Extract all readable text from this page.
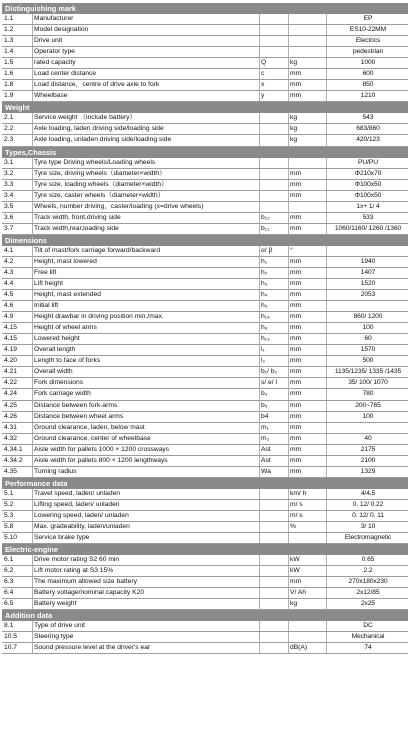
Distinguishing mark
1.1	Manufacturer	EP
1.2	Model designation	ES10-22MM
1.3	Drive unit	Electrics
1.4	Operator type	pedestrian
1.5	rated capacity	Q	kg	1000
1.6	Load center distance	c	mm	600
1.8	Load distance，centre of drive axle to fork	x	mm	850
1.9	Wheelbase	y	mm	1210
Weight
2.1	Service weight （include battery）	kg	543
2.2	Axle loading, laden driving side/loading side	kg	683/860
2.3	Axle loading, unladen driving side/loading side	kg	420/123
Types,Chassis
3.1	Tyre type Driving wheels/Loading wheels	PU/PU
3.2	Tyre size, driving wheels（diameter×width）	mm	Φ210x70
3.3	Tyre size, loading wheels（diameter×width）	mm	Φ100x50
3.4	Tyre size, caster wheels（diameter×width）	mm	Φ100x50
3.5	Wheels, number driving，caster/loading (x=drive wheels)	1x+ 1/ 4
3.6	Track width, front,driving side	b₁₀	mm	533
3.7	Track width,rear,loading side	b₁₁	mm	1060/1160/ 1260 /1360
Dimensions
4.1	Tilt of mast/fork carriage forward/backward	α/ β	°
4.2	Height, mast lowered	h₁	mm	1940
4.3	Free lift	h₂	mm	1407
4.4	Lift height	h₃	mm	1520
4.5	Height, mast extended	h₄	mm	2053
4.6	Initial lift	h₅	mm
4.9	Height drawbar in driving position min./max.	h₁₄	mm	860/ 1200
4.15	Height of wheel arms	h₈	mm	100
4.15	Lowered height	h₁₃	mm	60
4.19	Overall length	l₁	mm	1570
4.20	Length to face of forks	l₂	mm	500
4.21	Overall width	b₁/ b₂	mm	1135/1235/ 1335 /1435
4.22	Fork dimensions	s/ e/ l	mm	35/ 100/ 1070
4.24	Fork carriage width	b₃	mm	780
4.25	Distance between fork-arms	b₅	mm	200~765
4.26	Distance between wheel arms	b4	mm	100
4.31	Ground clearance, laden, below mast	m₁	mm
4.32	Ground clearance, center of wheelbase	m₂	mm	40
4.34.1	Aisle width for pallets 1000 × 1200 crossways	Ast	mm	2175
4.34.2	Aisle width for pallets 800 × 1200 lengthways	Ast	mm	2100
4.35	Turning radius	Wa	mm	1329
Performance data
5.1	Travel speed, laden/ unladen	km/ h	4/4.5
5.2	Lifting speed, laden/ unladen	m/ s	0. 12/ 0.22
5.3	Lowering speed, laden/ unladen	m/ s	0. 12/ 0. 11
5.8	Max. gradeability, laden/unladen	%	3/ 10
5.10	Service brake type	Electromagnetic
Electric-engine
6.1	Drive motor rating S2 60 min	kW	0.65
6.2	Lift motor rating at S3 15%	kW	2.2
6.3	The maximum allowed size battery	mm	270x180x230
6.4	Battery voltage/nominal capacity K20	V/ Ah	2x12/85
6.5	Battery weight	kg	2x25
Addition data
8.1	Type of drive unit	DC
10.5	Steering type	Mechanical
10.7	Sound pressure level at the driver's ear	dB(A)	74
